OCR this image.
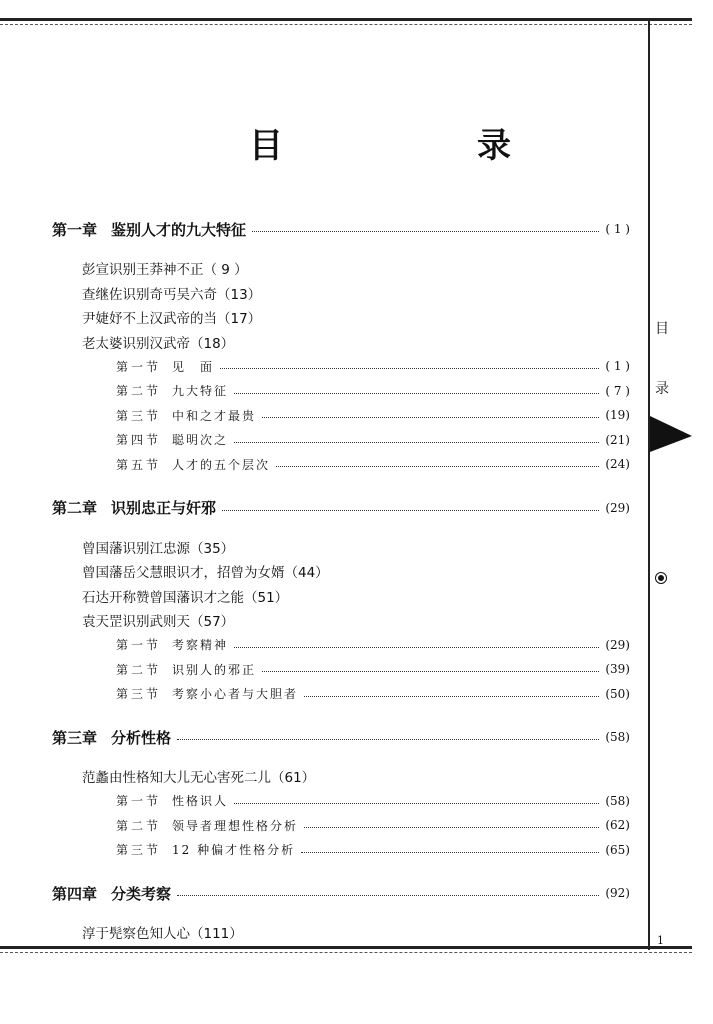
目　录
第一章 鉴别人才的九大特征	( 1 )
彭宣识别王莽神不正（ 9 ）
查继佐识别奇丐吴六奇（13）
尹婕妤不上汉武帝的当（17）
老太婆识别汉武帝（18）
第一节 见　面	( 1 )
第二节 九大特征	( 7 )
第三节 中和之才最贵	(19)
第四节 聪明次之	(21)
第五节 人才的五个层次	(24)
第二章 识别忠正与奸邪	(29)
曾国藩识别江忠源（35）
曾国藩岳父慧眼识才，招曾为女婿（44）
石达开称赞曾国藩识才之能（51）
袁天罡识别武则天（57）
第一节 考察精神	(29)
第二节 识别人的邪正	(39)
第三节 考察小心者与大胆者	(50)
第三章 分析性格	(58)
范蠡由性格知大儿无心害死二儿（61）
第一节 性格识人	(58)
第二节 领导者理想性格分析	(62)
第三节 12 种偏才性格分析	(65)
第四章 分类考察	(92)
淳于髡察色知人心（111）
目
录
1
